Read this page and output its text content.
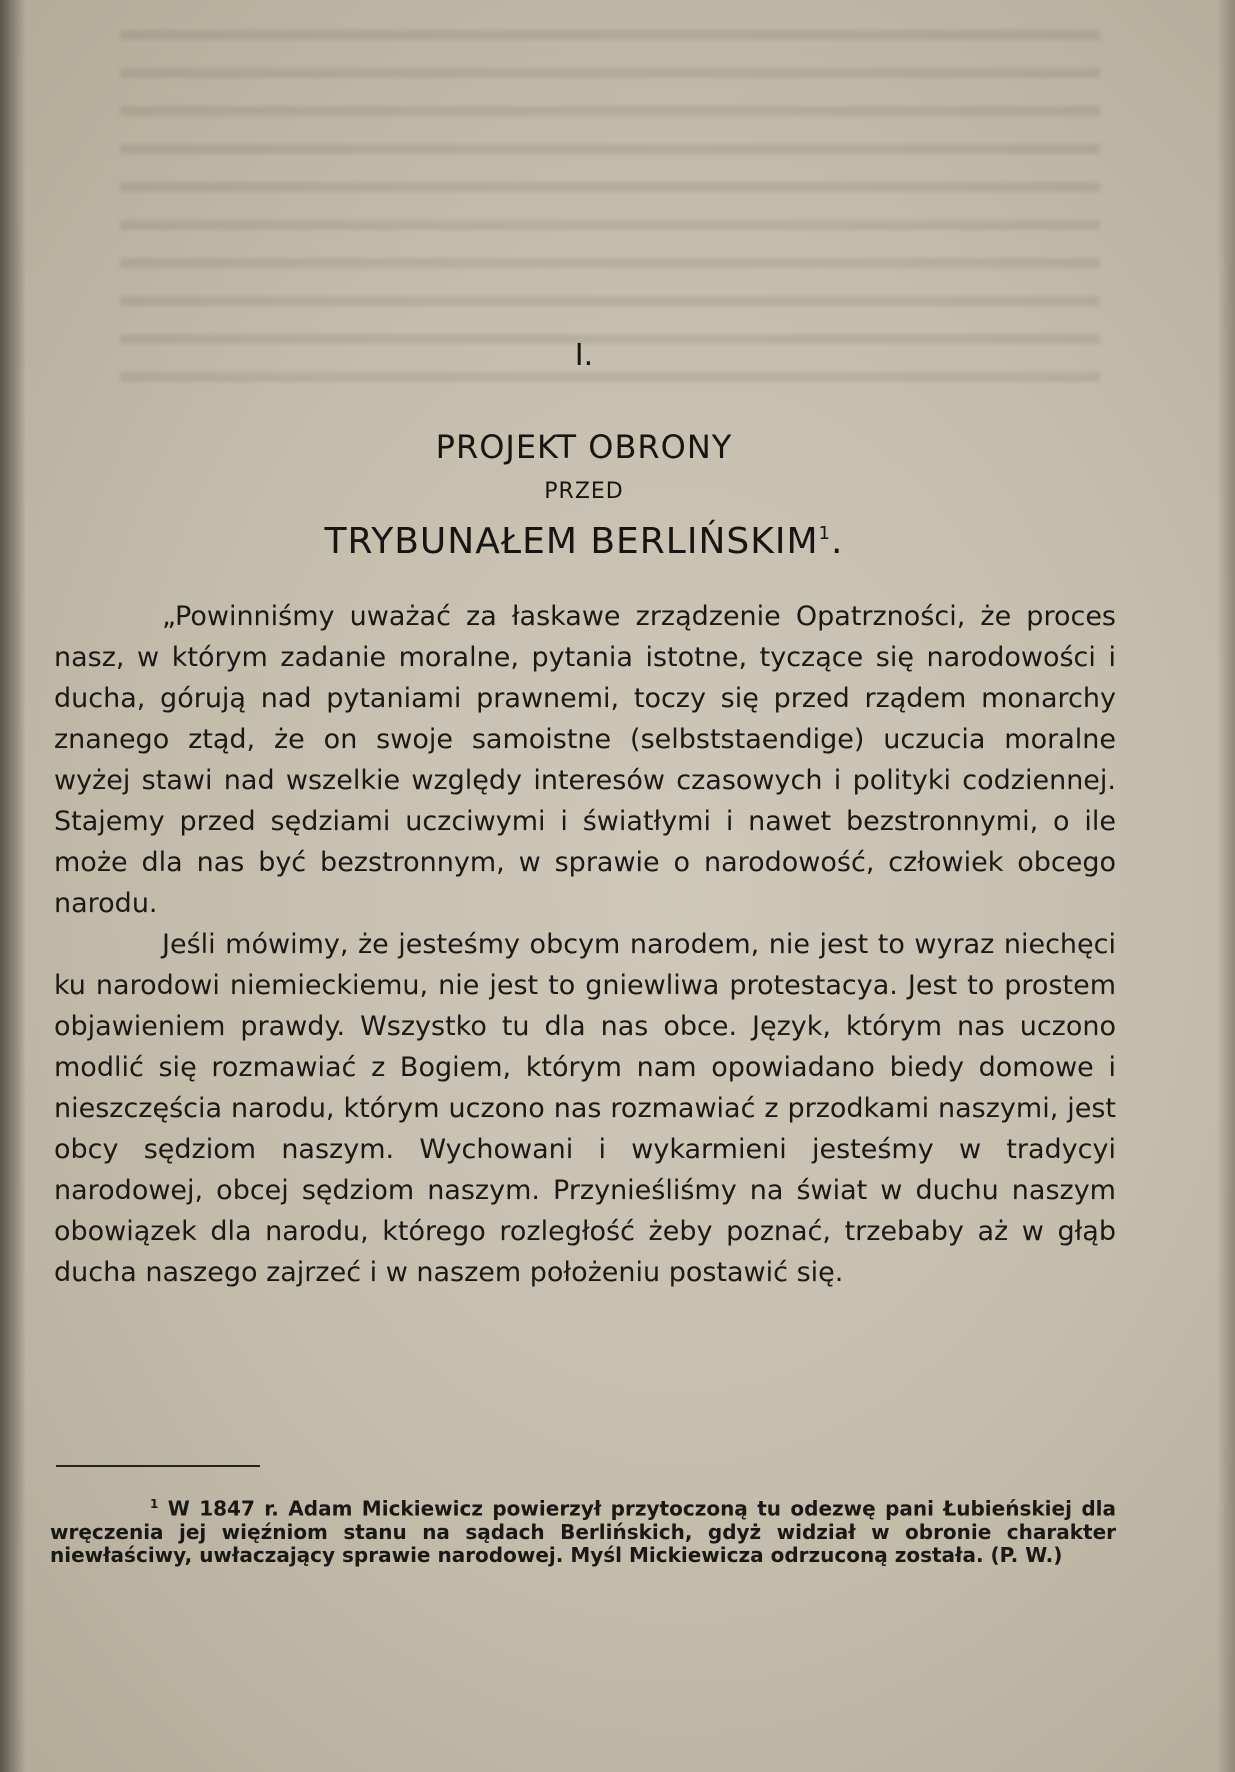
I.
PROJEKT OBRONY
PRZED
TRYBUNAŁEM BERLIŃSKIM$^1$.

„Powinniśmy uważać za łaskawe zrządzenie Opatrzności, że proces nasz, w którym zadanie moralne, pytania istotne, tyczące się narodowości i ducha, górują nad pytaniami prawnemi, toczy się przed rządem monarchy znanego ztąd, że on swoje samoistne (selbststaendige) uczucia moralne wyżej stawi nad wszelkie względy interesów czasowych i polityki codziennej. Stajemy przed sędziami uczciwymi i światłymi i nawet bezstronnymi, o ile może dla nas być bezstronnym, w sprawie o narodowość, człowiek obcego narodu.

Jeśli mówimy, że jesteśmy obcym narodem, nie jest to wyraz niechęci ku narodowi niemieckiemu, nie jest to gniewliwa protestacya. Jest to prostem objawieniem prawdy. Wszystko tu dla nas obce. Język, którym nas uczono modlić się rozmawiać z Bogiem, którym nam opowiadano biedy domowe i nieszczęścia narodu, którym uczono nas rozmawiać z przodkami naszymi, jest obcy sędziom naszym. Wychowani i wykarmieni jesteśmy w tradycyi narodowej, obcej sędziom naszym. Przynieśliśmy na świat w duchu naszym obowiązek dla narodu, którego rozległość żeby poznać, trzebaby aż w głąb ducha naszego zajrzeć i w naszem położeniu postawić się.

$^1$ W 1847 r. Adam Mickiewicz powierzył przytoczoną tu odezwę pani Łubieńskiej dla wręczenia jej więźniom stanu na sądach Berlińskich, gdyż widział w obronie charakter niewłaściwy, uwłaczający sprawie narodowej. Myśl Mickiewicza odrzuconą została. (P. W.)
